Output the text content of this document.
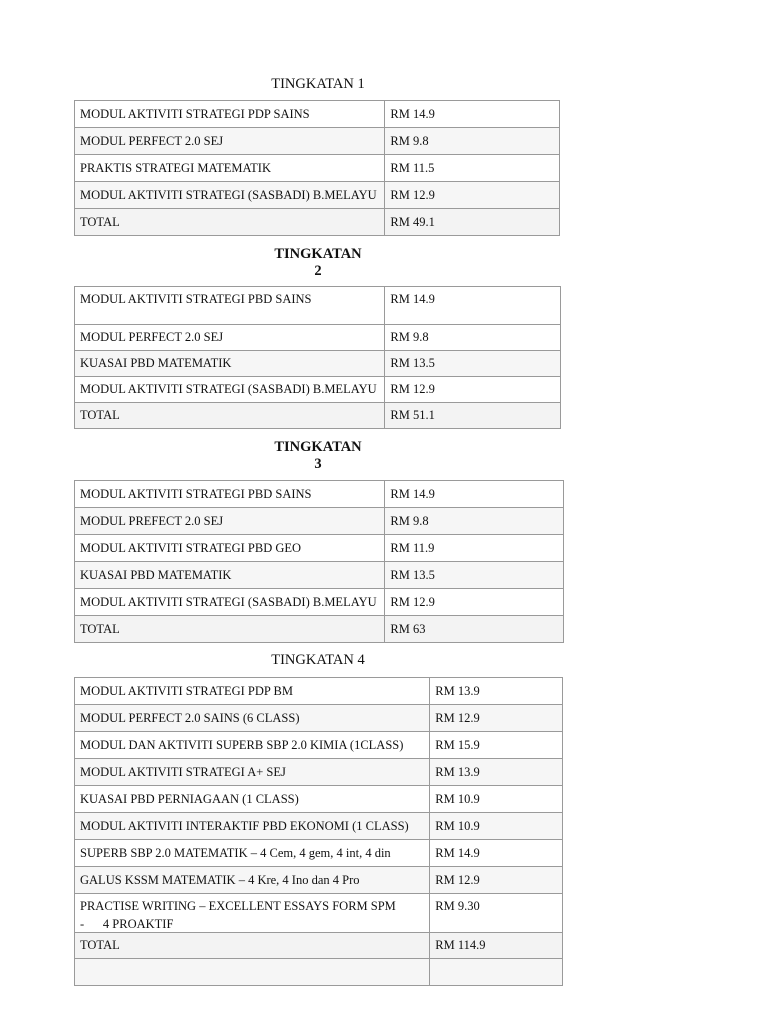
TINGKATAN 1
MODUL AKTIVITI STRATEGI PDP SAINS	RM 14.9
MODUL PERFECT 2.0 SEJ	RM 9.8
PRAKTIS STRATEGI MATEMATIK	RM 11.5
MODUL AKTIVITI STRATEGI (SASBADI) B.MELAYU	RM 12.9
TOTAL	RM 49.1
TINGKATAN
2
MODUL AKTIVITI STRATEGI PBD SAINS	RM 14.9
MODUL PERFECT 2.0 SEJ	RM 9.8
KUASAI PBD MATEMATIK	RM 13.5
MODUL AKTIVITI STRATEGI (SASBADI) B.MELAYU	RM 12.9
TOTAL	RM 51.1
TINGKATAN
3
MODUL AKTIVITI STRATEGI PBD SAINS	RM 14.9
MODUL PREFECT 2.0 SEJ	RM 9.8
MODUL AKTIVITI STRATEGI PBD GEO	RM 11.9
KUASAI PBD MATEMATIK	RM 13.5
MODUL AKTIVITI STRATEGI (SASBADI) B.MELAYU	RM 12.9
TOTAL	RM 63
TINGKATAN 4
MODUL AKTIVITI STRATEGI PDP BM	RM 13.9
MODUL PERFECT 2.0 SAINS (6 CLASS)	RM 12.9
MODUL DAN AKTIVITI SUPERB SBP 2.0 KIMIA (1CLASS)	RM 15.9
MODUL AKTIVITI STRATEGI A+ SEJ	RM 13.9
KUASAI PBD PERNIAGAAN (1 CLASS)	RM 10.9
MODUL AKTIVITI INTERAKTIF PBD EKONOMI (1 CLASS)	RM 10.9
SUPERB SBP 2.0 MATEMATIK – 4 Cem, 4 gem, 4 int, 4 din	RM 14.9
GALUS KSSM MATEMATIK – 4 Kre, 4 Ino dan 4 Pro	RM 12.9
PRACTISE WRITING – EXCELLENT ESSAYS FORM SPM
-      4 PROAKTIF	RM 9.30
TOTAL	RM 114.9
